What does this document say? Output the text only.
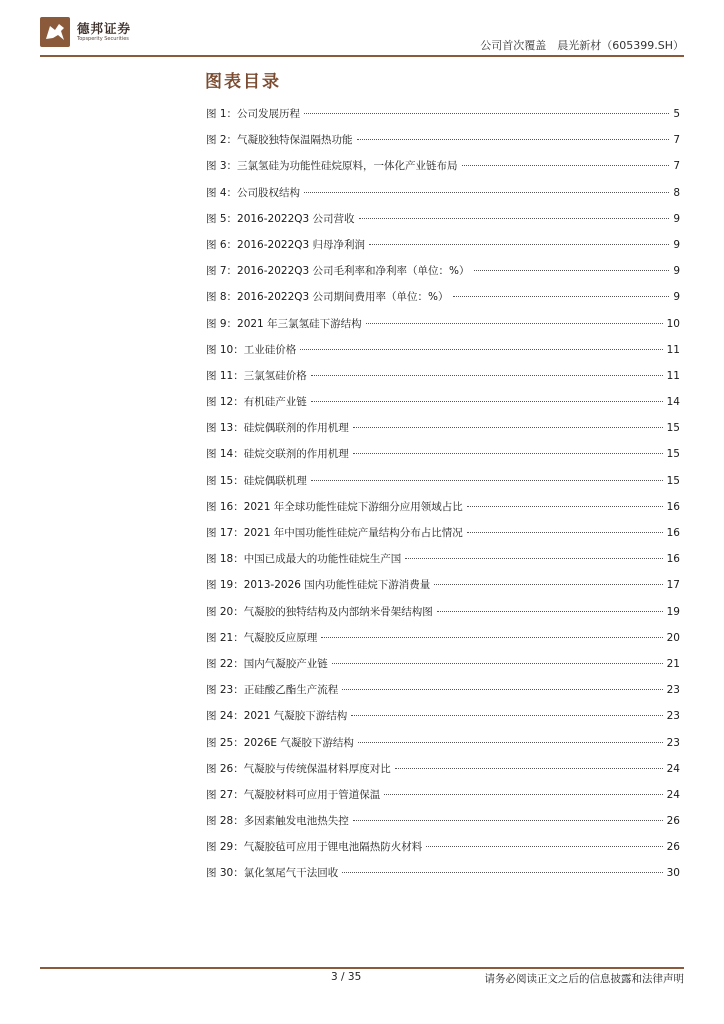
德邦证券
Topsperity Securities	公司首次覆盖　晨光新材（605399.SH）
图表目录
图 1：公司发展历程	5
图 2：气凝胶独特保温隔热功能	7
图 3：三氯氢硅为功能性硅烷原料，一体化产业链布局	7
图 4：公司股权结构	8
图 5：2016-2022Q3 公司营收	9
图 6：2016-2022Q3 归母净利润	9
图 7：2016-2022Q3 公司毛利率和净利率（单位：%）	9
图 8：2016-2022Q3 公司期间费用率（单位：%）	9
图 9：2021 年三氯氢硅下游结构	10
图 10：工业硅价格	11
图 11：三氯氢硅价格	11
图 12：有机硅产业链	14
图 13：硅烷偶联剂的作用机理	15
图 14：硅烷交联剂的作用机理	15
图 15：硅烷偶联机理	15
图 16：2021 年全球功能性硅烷下游细分应用领域占比	16
图 17：2021 年中国功能性硅烷产量结构分布占比情况	16
图 18：中国已成最大的功能性硅烷生产国	16
图 19：2013-2026 国内功能性硅烷下游消费量	17
图 20：气凝胶的独特结构及内部纳米骨架结构图	19
图 21：气凝胶反应原理	20
图 22：国内气凝胶产业链	21
图 23：正硅酸乙酯生产流程	23
图 24：2021 气凝胶下游结构	23
图 25：2026E 气凝胶下游结构	23
图 26：气凝胶与传统保温材料厚度对比	24
图 27：气凝胶材料可应用于管道保温	24
图 28：多因素触发电池热失控	26
图 29：气凝胶毡可应用于锂电池隔热防火材料	26
图 30：氯化氢尾气干法回收	30
3 / 35	请务必阅读正文之后的信息披露和法律声明
